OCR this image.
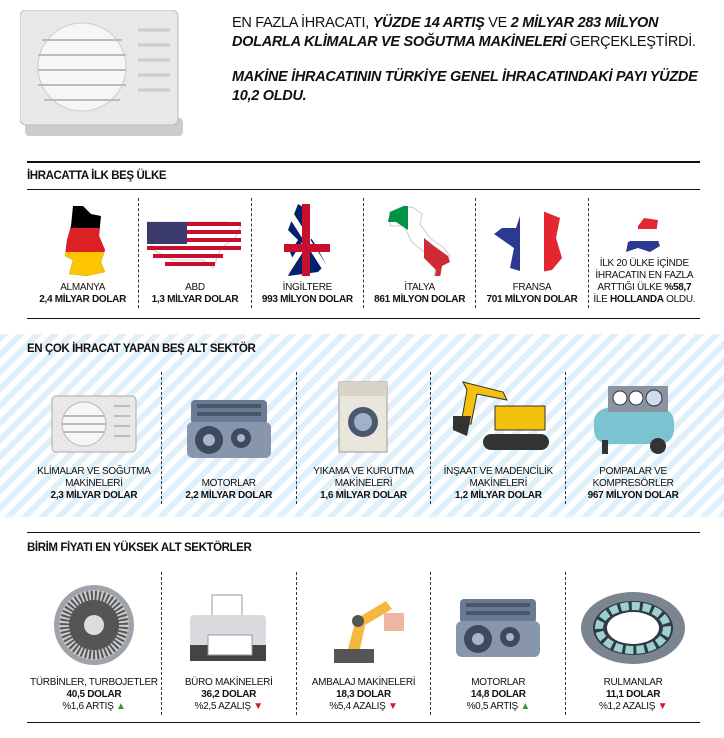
EN FAZLA İHRACATI, YÜZDE 14 ARTIŞ VE 2 MİLYAR 283 MİLYON DOLARLA KLİMALAR VE SOĞUTMA MAKİNELERİ GERÇEKLEŞTİRDİ.
MAKİNE İHRACATININ TÜRKİYE GENEL İHRACATINDAKİ PAYI YÜZDE 10,2 OLDU.
İHRACATTA İLK BEŞ ÜLKE
ALMANYA
2,4 MİLYAR DOLAR
ABD
1,3 MİLYAR DOLAR
İNGİLTERE
993 MİLYON DOLAR
İTALYA
861 MİLYON DOLAR
FRANSA
701 MİLYON DOLAR
İLK 20 ÜLKE İÇİNDE İHRACATIN EN FAZLA ARTTIĞI ÜLKE %58,7 İLE HOLLANDA OLDU.
EN ÇOK İHRACAT YAPAN BEŞ ALT SEKTÖR
KLİMALAR VE SOĞUTMA MAKİNELERİ
2,3 MİLYAR DOLAR
MOTORLAR
2,2 MİLYAR DOLAR
YIKAMA VE KURUTMA MAKİNELERİ
1,6 MİLYAR DOLAR
İNŞAAT VE MADENCİLİK MAKİNELERİ
1,2 MİLYAR DOLAR
POMPALAR VE KOMPRESÖRLER
967 MİLYON DOLAR
BİRİM FİYATI EN YÜKSEK ALT SEKTÖRLER
TÜRBİNLER, TURBOJETLER
40,5 DOLAR
%1,6 ARTIŞ ▲
BÜRO MAKİNELERİ
36,2 DOLAR
%2,5 AZALIŞ ▼
AMBALAJ MAKİNELERİ
18,3 DOLAR
%5,4 AZALIŞ ▼
MOTORLAR
14,8 DOLAR
%0,5 ARTIŞ ▲
RULMANLAR
11,1 DOLAR
%1,2 AZALIŞ ▼
